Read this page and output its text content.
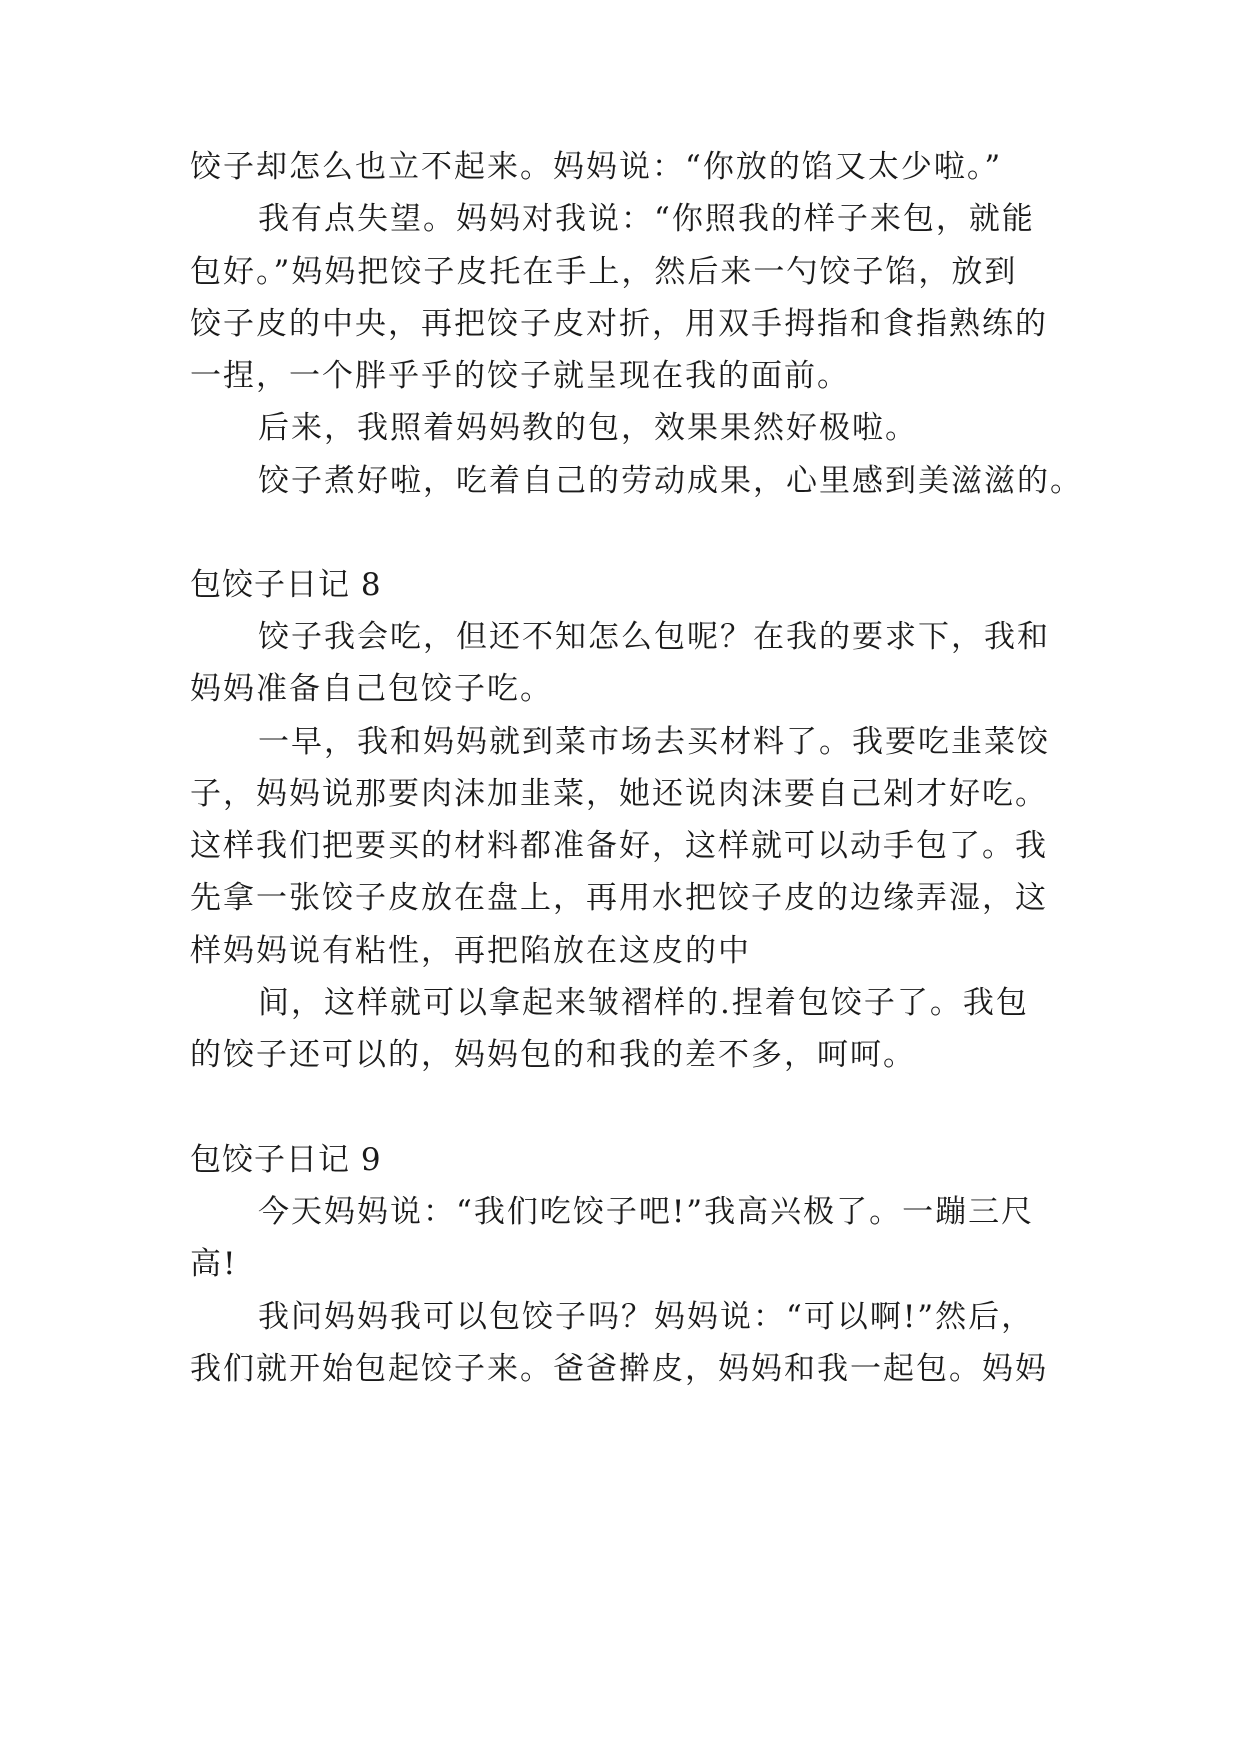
饺子却怎么也立不起来。妈妈说：“你放的馅又太少啦。”
我有点失望。妈妈对我说：“你照我的样子来包，就能
包好。”妈妈把饺子皮托在手上，然后来一勺饺子馅，放到
饺子皮的中央，再把饺子皮对折，用双手拇指和食指熟练的
一捏，一个胖乎乎的饺子就呈现在我的面前。
后来，我照着妈妈教的包，效果果然好极啦。
饺子煮好啦，吃着自己的劳动成果，心里感到美滋滋的。
包饺子日记 8
饺子我会吃，但还不知怎么包呢？在我的要求下，我和
妈妈准备自己包饺子吃。
一早，我和妈妈就到菜市场去买材料了。我要吃韭菜饺
子，妈妈说那要肉沫加韭菜，她还说肉沫要自己剁才好吃。
这样我们把要买的材料都准备好，这样就可以动手包了。我
先拿一张饺子皮放在盘上，再用水把饺子皮的边缘弄湿，这
样妈妈说有粘性，再把陷放在这皮的中
间，这样就可以拿起来皱褶样的.捏着包饺子了。我包
的饺子还可以的，妈妈包的和我的差不多，呵呵。
包饺子日记 9
今天妈妈说：“我们吃饺子吧!”我高兴极了。一蹦三尺
高!
我问妈妈我可以包饺子吗？妈妈说：“可以啊!”然后，
我们就开始包起饺子来。爸爸擀皮，妈妈和我一起包。妈妈
